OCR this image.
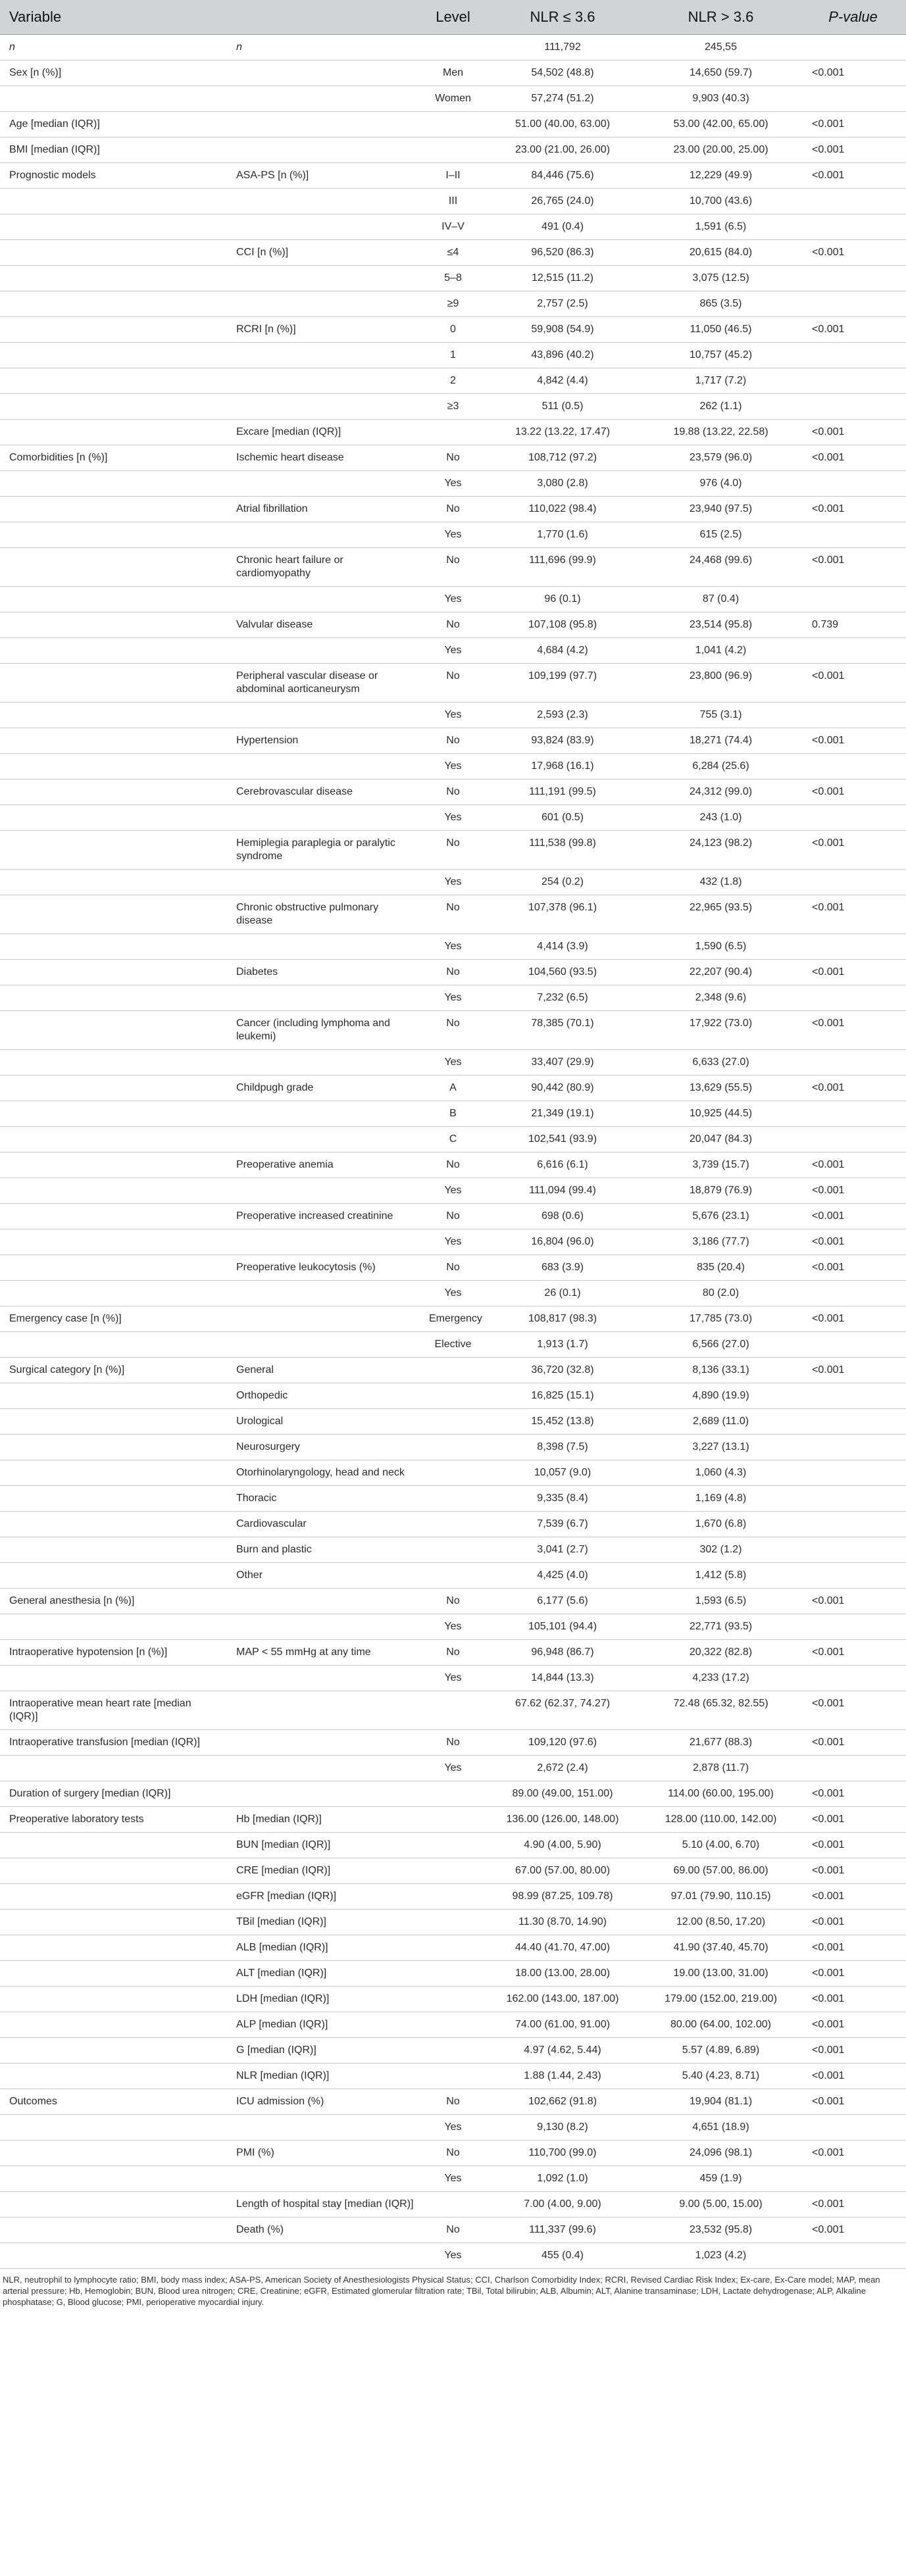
Variable		Level	NLR ≤ 3.6	NLR > 3.6	P-value
n	n		111,792	245,55	
Sex [n (%)]		Men	54,502 (48.8)	14,650 (59.7)	<0.001
		Women	57,274 (51.2)	9,903 (40.3)	
Age [median (IQR)]			51.00 (40.00, 63.00)	53.00 (42.00, 65.00)	<0.001
BMI [median (IQR)]			23.00 (21.00, 26.00)	23.00 (20.00, 25.00)	<0.001
Prognostic models	ASA-PS [n (%)]	I–II	84,446 (75.6)	12,229 (49.9)	<0.001
		III	26,765 (24.0)	10,700 (43.6)	
		IV–V	491 (0.4)	1,591 (6.5)	
	CCI [n (%)]	≤4	96,520 (86.3)	20,615 (84.0)	<0.001
		5–8	12,515 (11.2)	3,075 (12.5)	
		≥9	2,757 (2.5)	865 (3.5)	
	RCRI [n (%)]	0	59,908 (54.9)	11,050 (46.5)	<0.001
		1	43,896 (40.2)	10,757 (45.2)	
		2	4,842 (4.4)	1,717 (7.2)	
		≥3	511 (0.5)	262 (1.1)	
	Excare [median (IQR)]		13.22 (13.22, 17.47)	19.88 (13.22, 22.58)	<0.001
Comorbidities [n (%)]	Ischemic heart disease	No	108,712 (97.2)	23,579 (96.0)	<0.001
		Yes	3,080 (2.8)	976 (4.0)	
	Atrial fibrillation	No	110,022 (98.4)	23,940 (97.5)	<0.001
		Yes	1,770 (1.6)	615 (2.5)	
	Chronic heart failure or cardiomyopathy	No	111,696 (99.9)	24,468 (99.6)	<0.001
		Yes	96 (0.1)	87 (0.4)	
	Valvular disease	No	107,108 (95.8)	23,514 (95.8)	0.739
		Yes	4,684 (4.2)	1,041 (4.2)	
	Peripheral vascular disease or abdominal aorticaneurysm	No	109,199 (97.7)	23,800 (96.9)	<0.001
		Yes	2,593 (2.3)	755 (3.1)	
	Hypertension	No	93,824 (83.9)	18,271 (74.4)	<0.001
		Yes	17,968 (16.1)	6,284 (25.6)	
	Cerebrovascular disease	No	111,191 (99.5)	24,312 (99.0)	<0.001
		Yes	601 (0.5)	243 (1.0)	
	Hemiplegia paraplegia or paralytic syndrome	No	111,538 (99.8)	24,123 (98.2)	<0.001
		Yes	254 (0.2)	432 (1.8)	
	Chronic obstructive pulmonary disease	No	107,378 (96.1)	22,965 (93.5)	<0.001
		Yes	4,414 (3.9)	1,590 (6.5)	
	Diabetes	No	104,560 (93.5)	22,207 (90.4)	<0.001
		Yes	7,232 (6.5)	2,348 (9.6)	
	Cancer (including lymphoma and leukemi)	No	78,385 (70.1)	17,922 (73.0)	<0.001
		Yes	33,407 (29.9)	6,633 (27.0)	
	Childpugh grade	A	90,442 (80.9)	13,629 (55.5)	<0.001
		B	21,349 (19.1)	10,925 (44.5)	
		C	102,541 (93.9)	20,047 (84.3)	
	Preoperative anemia	No	6,616 (6.1)	3,739 (15.7)	<0.001
		Yes	111,094 (99.4)	18,879 (76.9)	<0.001
	Preoperative increased creatinine	No	698 (0.6)	5,676 (23.1)	<0.001
		Yes	16,804 (96.0)	3,186 (77.7)	<0.001
	Preoperative leukocytosis (%)	No	683 (3.9)	835 (20.4)	<0.001
		Yes	26 (0.1)	80 (2.0)	
Emergency case [n (%)]		Emergency	108,817 (98.3)	17,785 (73.0)	<0.001
		Elective	1,913 (1.7)	6,566 (27.0)	
Surgical category [n (%)]	General		36,720 (32.8)	8,136 (33.1)	<0.001
	Orthopedic		16,825 (15.1)	4,890 (19.9)	
	Urological		15,452 (13.8)	2,689 (11.0)	
	Neurosurgery		8,398 (7.5)	3,227 (13.1)	
	Otorhinolaryngology, head and neck		10,057 (9.0)	1,060 (4.3)	
	Thoracic		9,335 (8.4)	1,169 (4.8)	
	Cardiovascular		7,539 (6.7)	1,670 (6.8)	
	Burn and plastic		3,041 (2.7)	302 (1.2)	
	Other		4,425 (4.0)	1,412 (5.8)	
General anesthesia [n (%)]		No	6,177 (5.6)	1,593 (6.5)	<0.001
		Yes	105,101 (94.4)	22,771 (93.5)	
Intraoperative hypotension [n (%)]	MAP < 55 mmHg at any time	No	96,948 (86.7)	20,322 (82.8)	<0.001
		Yes	14,844 (13.3)	4,233 (17.2)	
Intraoperative mean heart rate [median (IQR)]			67.62 (62.37, 74.27)	72.48 (65.32, 82.55)	<0.001
Intraoperative transfusion [median (IQR)]		No	109,120 (97.6)	21,677 (88.3)	<0.001
		Yes	2,672 (2.4)	2,878 (11.7)	
Duration of surgery [median (IQR)]			89.00 (49.00, 151.00)	114.00 (60.00, 195.00)	<0.001
Preoperative laboratory tests	Hb [median (IQR)]		136.00 (126.00, 148.00)	128.00 (110.00, 142.00)	<0.001
	BUN [median (IQR)]		4.90 (4.00, 5.90)	5.10 (4.00, 6.70)	<0.001
	CRE [median (IQR)]		67.00 (57.00, 80.00)	69.00 (57.00, 86.00)	<0.001
	eGFR [median (IQR)]		98.99 (87.25, 109.78)	97.01 (79.90, 110.15)	<0.001
	TBil [median (IQR)]		11.30 (8.70, 14.90)	12.00 (8.50, 17.20)	<0.001
	ALB [median (IQR)]		44.40 (41.70, 47.00)	41.90 (37.40, 45.70)	<0.001
	ALT [median (IQR)]		18.00 (13.00, 28.00)	19.00 (13.00, 31.00)	<0.001
	LDH [median (IQR)]		162.00 (143.00, 187.00)	179.00 (152.00, 219.00)	<0.001
	ALP [median (IQR)]		74.00 (61.00, 91.00)	80.00 (64.00, 102.00)	<0.001
	G [median (IQR)]		4.97 (4.62, 5.44)	5.57 (4.89, 6.89)	<0.001
	NLR [median (IQR)]		1.88 (1.44, 2.43)	5.40 (4.23, 8.71)	<0.001
Outcomes	ICU admission (%)	No	102,662 (91.8)	19,904 (81.1)	<0.001
		Yes	9,130 (8.2)	4,651 (18.9)	
	PMI (%)	No	110,700 (99.0)	24,096 (98.1)	<0.001
		Yes	1,092 (1.0)	459 (1.9)	
	Length of hospital stay [median (IQR)]		7.00 (4.00, 9.00)	9.00 (5.00, 15.00)	<0.001
	Death (%)	No	111,337 (99.6)	23,532 (95.8)	<0.001
		Yes	455 (0.4)	1,023 (4.2)	
NLR, neutrophil to lymphocyte ratio; BMI, body mass index; ASA-PS, American Society of Anesthesiologists Physical Status; CCI, Charlson Comorbidity Index; RCRI, Revised Cardiac Risk Index; Ex-care, Ex-Care model; MAP, mean arterial pressure; Hb, Hemoglobin; BUN, Blood urea nitrogen; CRE, Creatinine; eGFR, Estimated glomerular filtration rate; TBil, Total bilirubin; ALB, Albumin; ALT, Alanine transaminase; LDH, Lactate dehydrogenase; ALP, Alkaline phosphatase; G, Blood glucose; PMI, perioperative myocardial injury.
